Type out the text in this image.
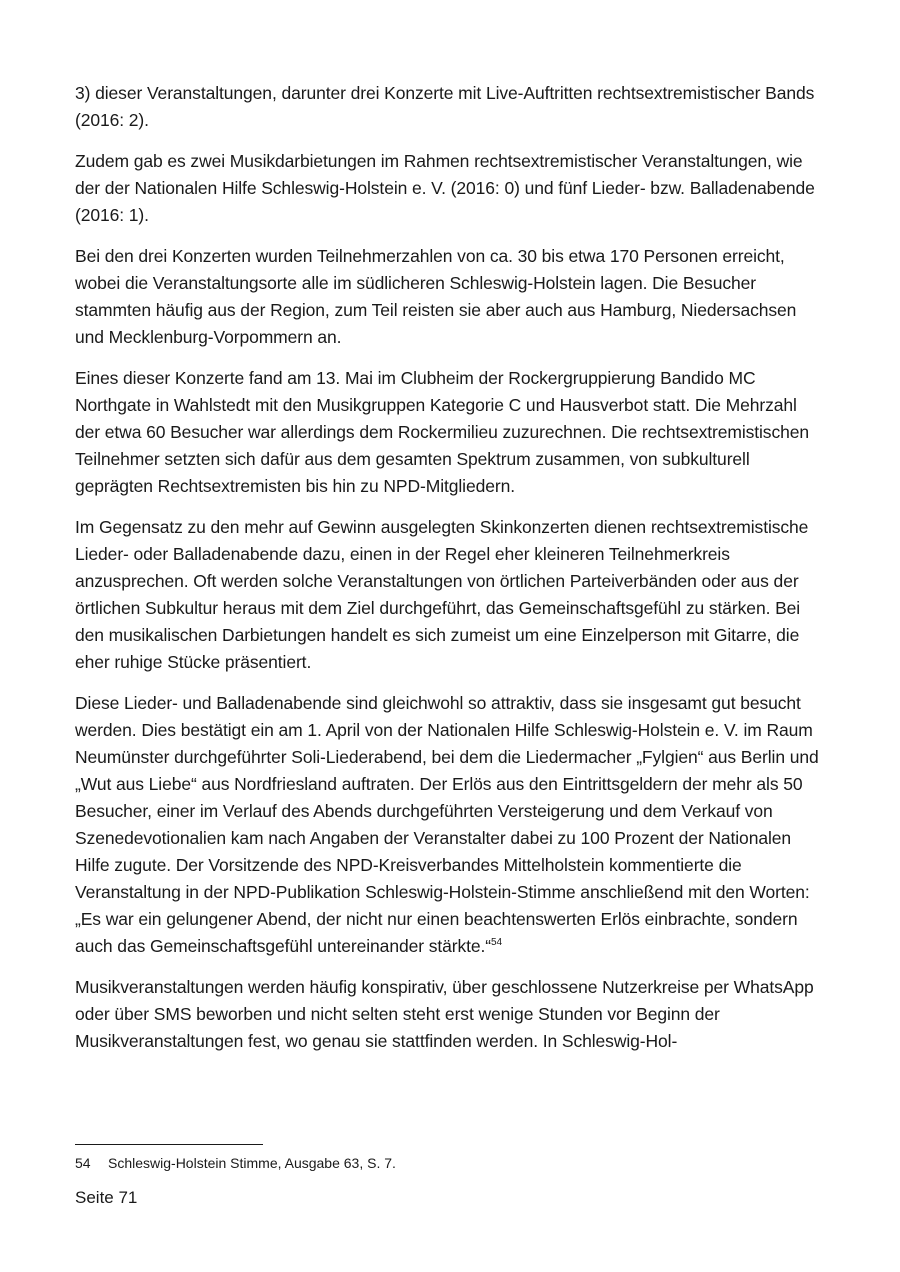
3) dieser Veranstaltungen, darunter drei Konzerte mit Live-Auftritten rechtsextremistischer Bands (2016: 2).

Zudem gab es zwei Musikdarbietungen im Rahmen rechtsextremistischer Veranstaltungen, wie der der Nationalen Hilfe Schleswig-Holstein e. V. (2016: 0) und fünf Lieder- bzw. Balladenabende (2016: 1).

Bei den drei Konzerten wurden Teilnehmerzahlen von ca. 30 bis etwa 170 Personen erreicht, wobei die Veranstaltungsorte alle im südlicheren Schleswig-Holstein lagen. Die Besucher stammten häufig aus der Region, zum Teil reisten sie aber auch aus Hamburg, Niedersachsen und Mecklenburg-Vorpommern an.

Eines dieser Konzerte fand am 13. Mai im Clubheim der Rockergruppierung Bandido MC Northgate in Wahlstedt mit den Musikgruppen Kategorie C und Hausverbot statt. Die Mehrzahl der etwa 60 Besucher war allerdings dem Rockermilieu zuzurechnen. Die rechtsextremistischen Teilnehmer setzten sich dafür aus dem gesamten Spektrum zusammen, von subkulturell geprägten Rechtsextremisten bis hin zu NPD-Mitgliedern.

Im Gegensatz zu den mehr auf Gewinn ausgelegten Skinkonzerten dienen rechtsextremistische Lieder- oder Balladenabende dazu, einen in der Regel eher kleineren Teilnehmerkreis anzusprechen. Oft werden solche Veranstaltungen von örtlichen Parteiverbänden oder aus der örtlichen Subkultur heraus mit dem Ziel durchgeführt, das Gemeinschaftsgefühl zu stärken. Bei den musikalischen Darbietungen handelt es sich zumeist um eine Einzelperson mit Gitarre, die eher ruhige Stücke präsentiert.

Diese Lieder- und Balladenabende sind gleichwohl so attraktiv, dass sie insgesamt gut besucht werden. Dies bestätigt ein am 1. April von der Nationalen Hilfe Schleswig-Holstein e. V. im Raum Neumünster durchgeführter Soli-Liederabend, bei dem die Liedermacher „Fylgien“ aus Berlin und „Wut aus Liebe“ aus Nordfriesland auftraten. Der Erlös aus den Eintrittsgeldern der mehr als 50 Besucher, einer im Verlauf des Abends durchgeführten Versteigerung und dem Verkauf von Szenedevotionalien kam nach Angaben der Veranstalter dabei zu 100 Prozent der Nationalen Hilfe zugute. Der Vorsitzende des NPD-Kreisverbandes Mittelholstein kommentierte die Veranstaltung in der NPD-Publikation Schleswig-Holstein-Stimme anschließend mit den Worten: „Es war ein gelungener Abend, der nicht nur einen beachtenswerten Erlös einbrachte, sondern auch das Gemeinschaftsgefühl untereinander stärkte.“$^{54}$

Musikveranstaltungen werden häufig konspirativ, über geschlossene Nutzerkreise per WhatsApp oder über SMS beworben und nicht selten steht erst wenige Stunden vor Beginn der Musikveranstaltungen fest, wo genau sie stattfinden werden. In Schleswig-Hol-

54 Schleswig-Holstein Stimme, Ausgabe 63, S. 7.
Seite 71
